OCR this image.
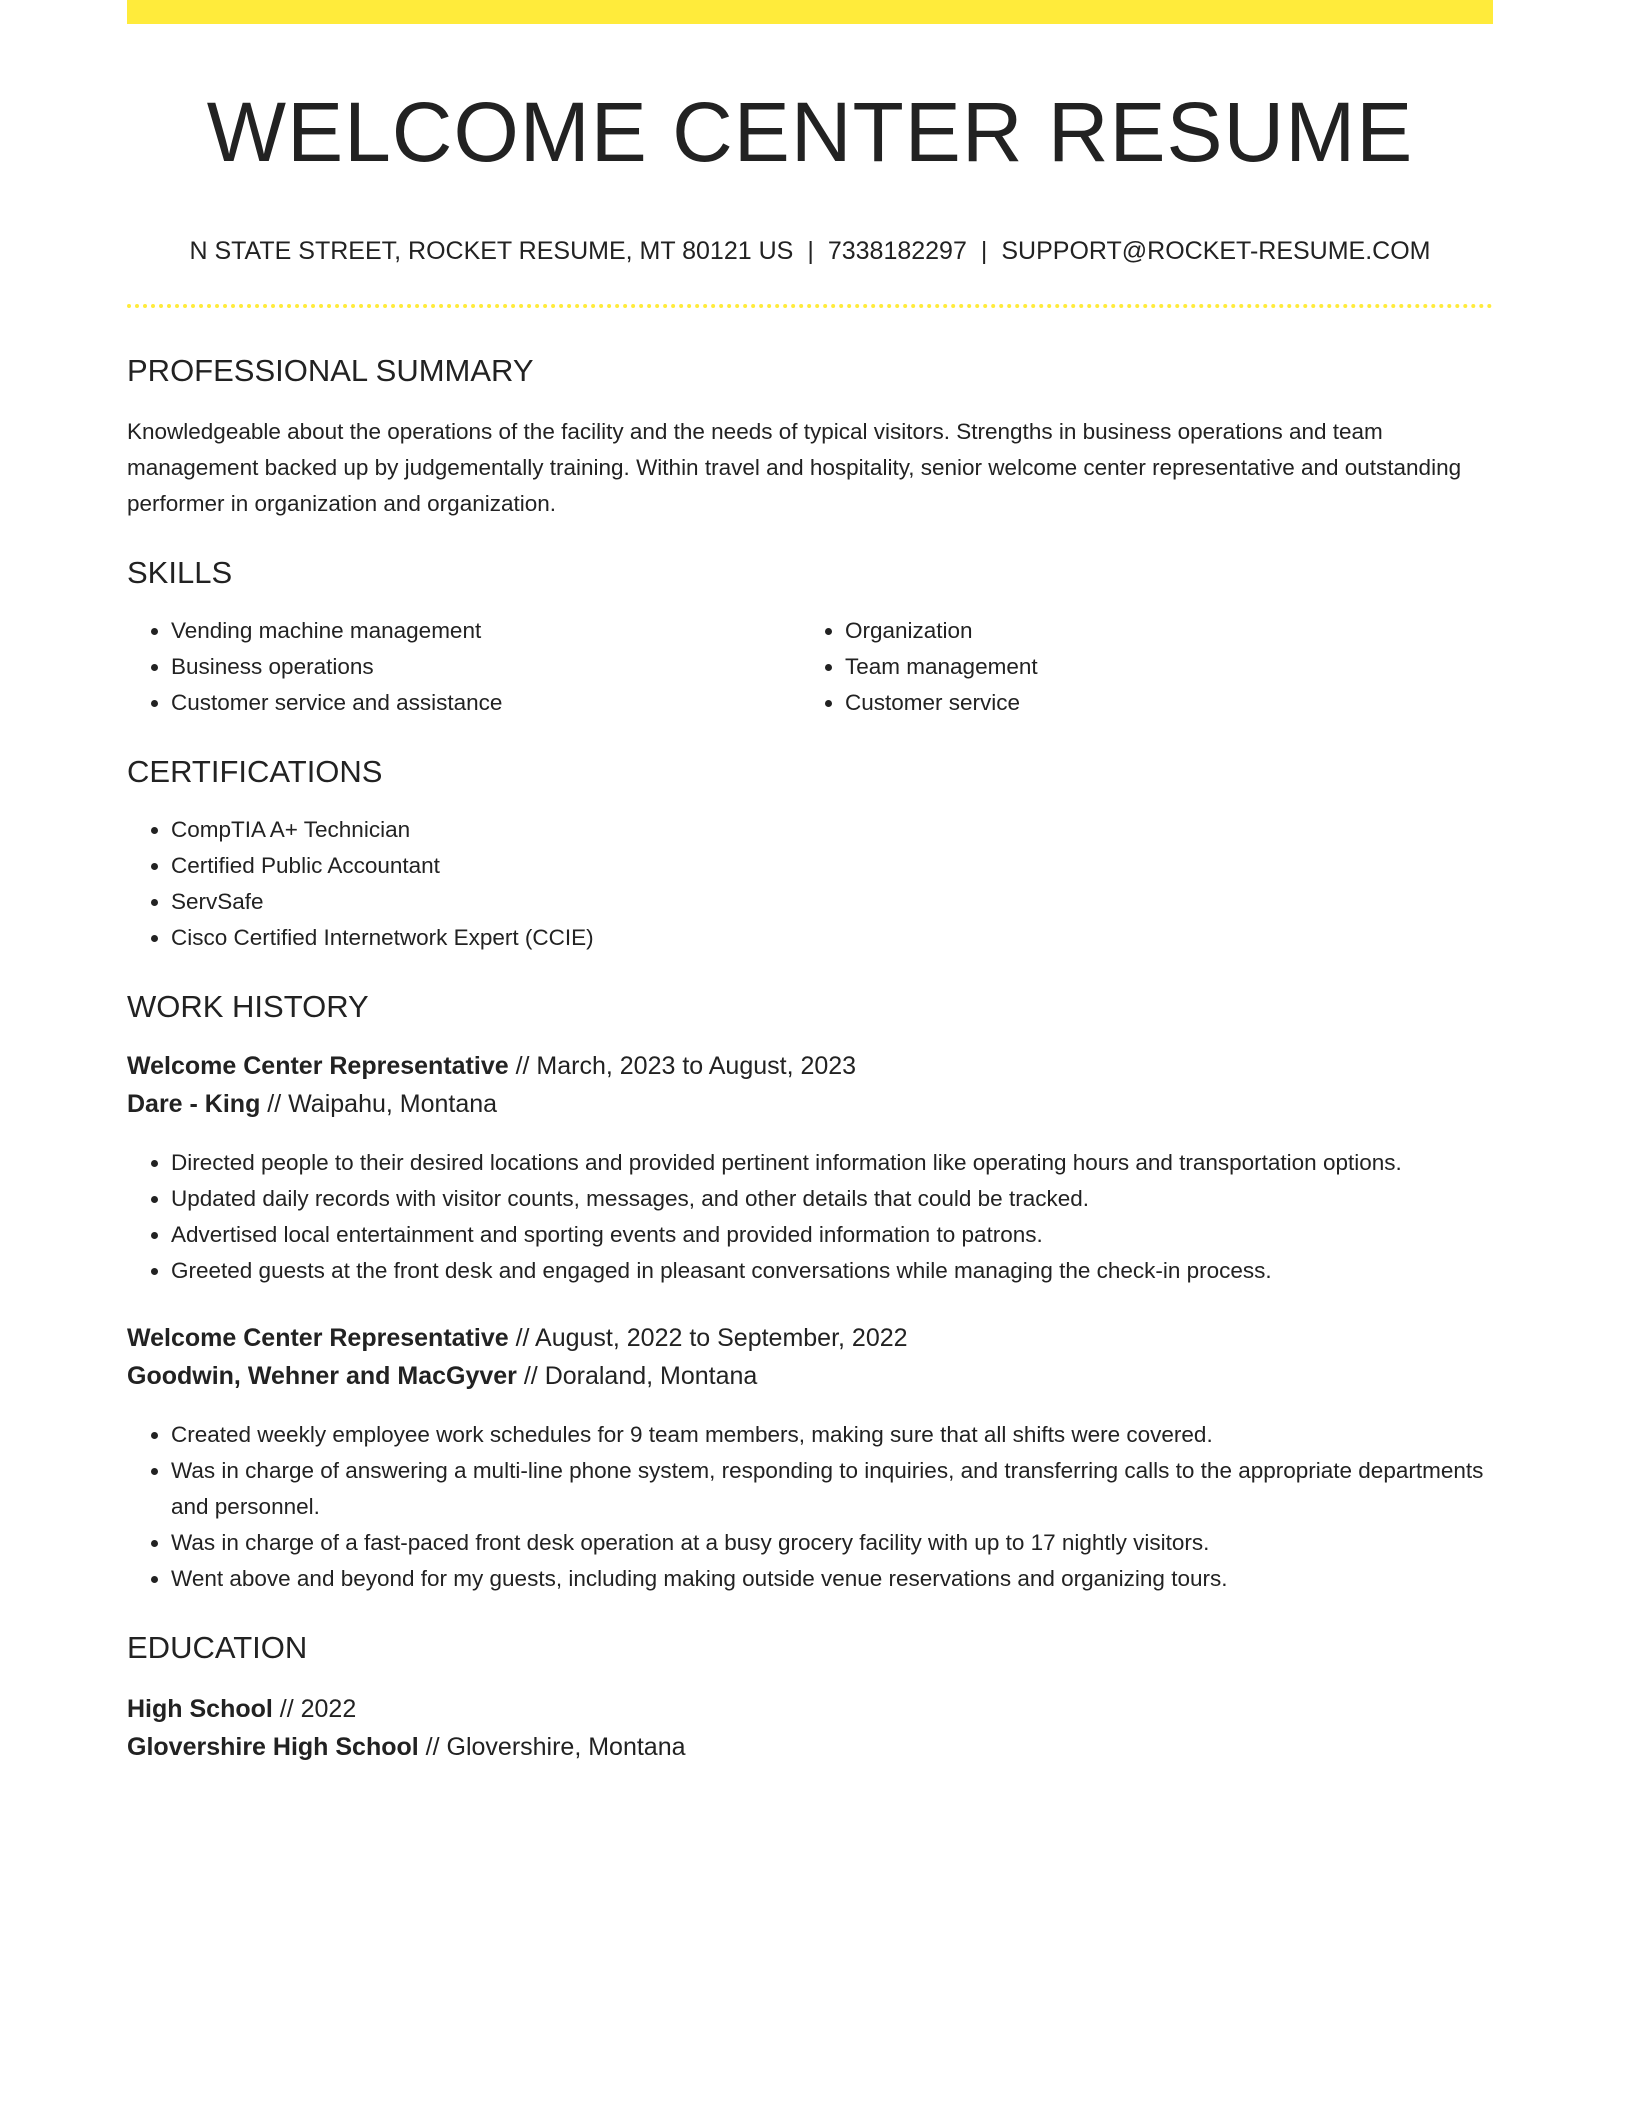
WELCOME CENTER RESUME
N STATE STREET, ROCKET RESUME, MT 80121 US | 7338182297 | SUPPORT@ROCKET-RESUME.COM
PROFESSIONAL SUMMARY
Knowledgeable about the operations of the facility and the needs of typical visitors. Strengths in business operations and team management backed up by judgementally training. Within travel and hospitality, senior welcome center representative and outstanding performer in organization and organization.
SKILLS
• Vending machine management
• Business operations
• Customer service and assistance
• Organization
• Team management
• Customer service
CERTIFICATIONS
• CompTIA A+ Technician
• Certified Public Accountant
• ServSafe
• Cisco Certified Internetwork Expert (CCIE)
WORK HISTORY
Welcome Center Representative // March, 2023 to August, 2023
Dare - King // Waipahu, Montana
• Directed people to their desired locations and provided pertinent information like operating hours and transportation options.
• Updated daily records with visitor counts, messages, and other details that could be tracked.
• Advertised local entertainment and sporting events and provided information to patrons.
• Greeted guests at the front desk and engaged in pleasant conversations while managing the check-in process.
Welcome Center Representative // August, 2022 to September, 2022
Goodwin, Wehner and MacGyver // Doraland, Montana
• Created weekly employee work schedules for 9 team members, making sure that all shifts were covered.
• Was in charge of answering a multi-line phone system, responding to inquiries, and transferring calls to the appropriate departments and personnel.
• Was in charge of a fast-paced front desk operation at a busy grocery facility with up to 17 nightly visitors.
• Went above and beyond for my guests, including making outside venue reservations and organizing tours.
EDUCATION
High School // 2022
Glovershire High School // Glovershire, Montana
